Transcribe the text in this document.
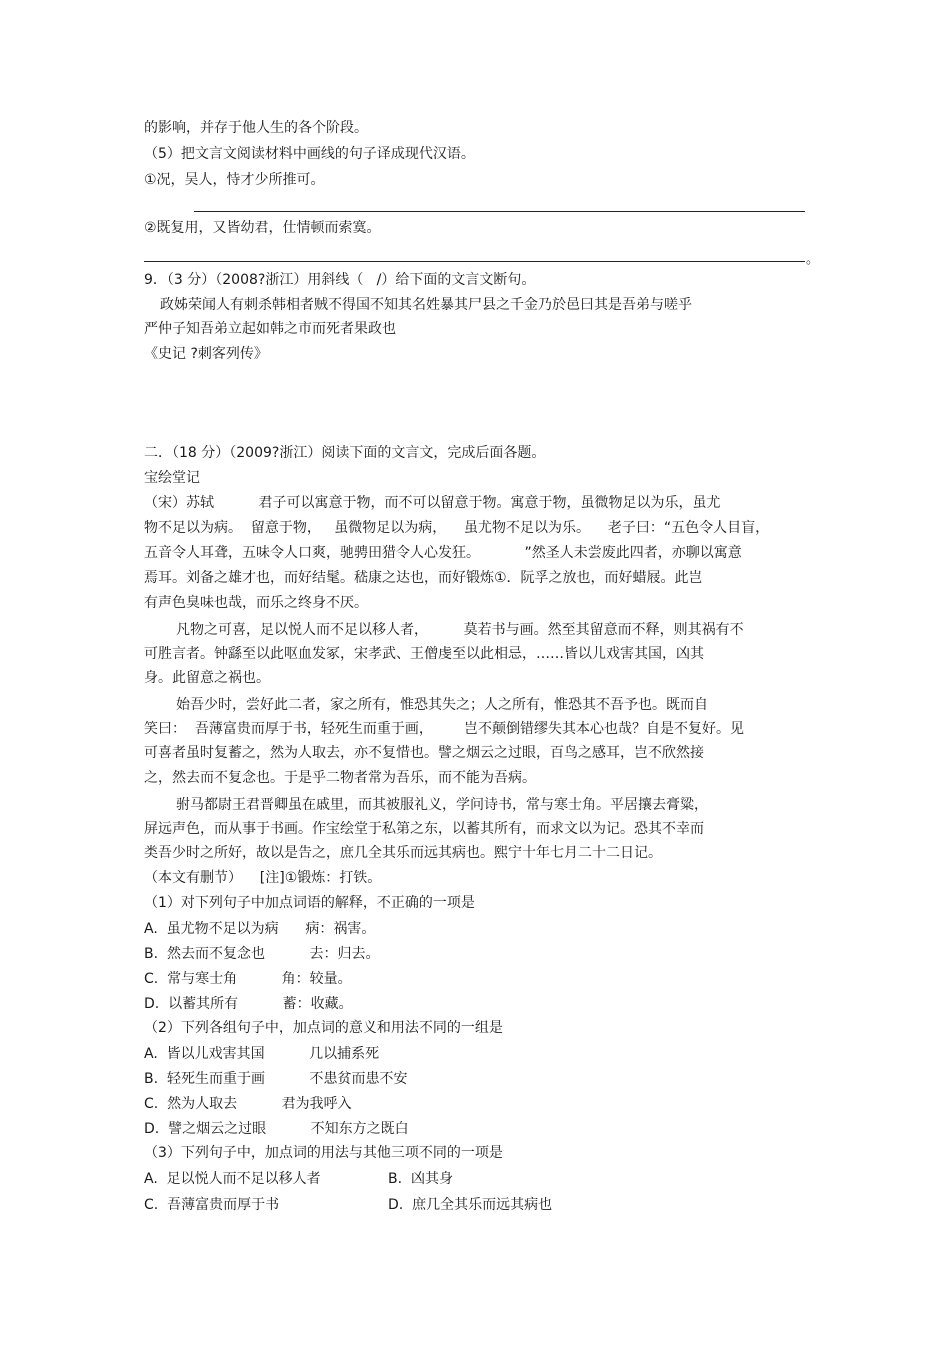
的影响，并存于他人生的各个阶段。
（5）把文言文阅读材料中画线的句子译成现代汉语。
①况，吴人，恃才少所推可。
②既复用，又皆幼君，仕情顿而索寞。
。
9．（3 分）（2008?浙江）用斜线（   /）给下面的文言文断句。
政姊荣闻人有刺杀韩相者贼不得国不知其名姓暴其尸县之千金乃於邑曰其是吾弟与嗟乎
严仲子知吾弟立起如韩之市而死者果政也
《史记 ?刺客列传》
二．（18 分）（2009?浙江）阅读下面的文言文，完成后面各题。
宝绘堂记
（宋）苏轼          君子可以寓意于物，而不可以留意于物。寓意于物，虽微物足以为乐，虽尤
物不足以为病。  留意于物，   虽微物足以为病，    虽尤物不足以为乐。    老子曰：“五色令人目盲，
五音令人耳聋，五味令人口爽，驰骋田猎令人心发狂。          ”然圣人未尝废此四者，亦聊以寓意
焉耳。刘备之雄才也，而好结髦。嵇康之达也，而好锻炼①．阮孚之放也，而好蜡屐。此岂
有声色臭味也哉，而乐之终身不厌。
凡物之可喜，足以悦人而不足以移人者，        莫若书与画。然至其留意而不释，则其祸有不
可胜言者。钟繇至以此呕血发冢，宋孝武、王僧虔至以此相忌，……皆以儿戏害其国，凶其
身。此留意之祸也。
始吾少时，尝好此二者，家之所有，惟恐其失之；人之所有，惟恐其不吾予也。既而自
笑曰：  吾薄富贵而厚于书，轻死生而重于画，       岂不颠倒错缪失其本心也哉？自是不复好。见
可喜者虽时复蓄之，然为人取去，亦不复惜也。譬之烟云之过眼，百鸟之感耳，岂不欣然接
之，然去而不复念也。于是乎二物者常为吾乐，而不能为吾病。
驸马都尉王君晋卿虽在戚里，而其被服礼义，学问诗书，常与寒士角。平居攘去膏粱，
屏远声色，而从事于书画。作宝绘堂于私第之东，以蓄其所有，而求文以为记。恐其不幸而
类吾少时之所好，故以是告之，庶几全其乐而远其病也。熙宁十年七月二十二日记。
（本文有删节）    [注]①锻炼：打铁。
（1）对下列句子中加点词语的解释，不正确的一项是
A.  虽尤物不足以为病      病：祸害。
B.  然去而不复念也          去：归去。
C.  常与寒士角          角：较量。
D.  以蓄其所有          蓄：收藏。
（2）下列各组句子中，加点词的意义和用法不同的一组是
A.  皆以儿戏害其国          几以捕系死
B.  轻死生而重于画          不患贫而患不安
C.  然为人取去          君为我呼入
D.  譬之烟云之过眼          不知东方之既白
（3）下列句子中，加点词的用法与其他三项不同的一项是
A.  足以悦人而不足以移人者	B.  凶其身
C.  吾薄富贵而厚于书	D.  庶几全其乐而远其病也
